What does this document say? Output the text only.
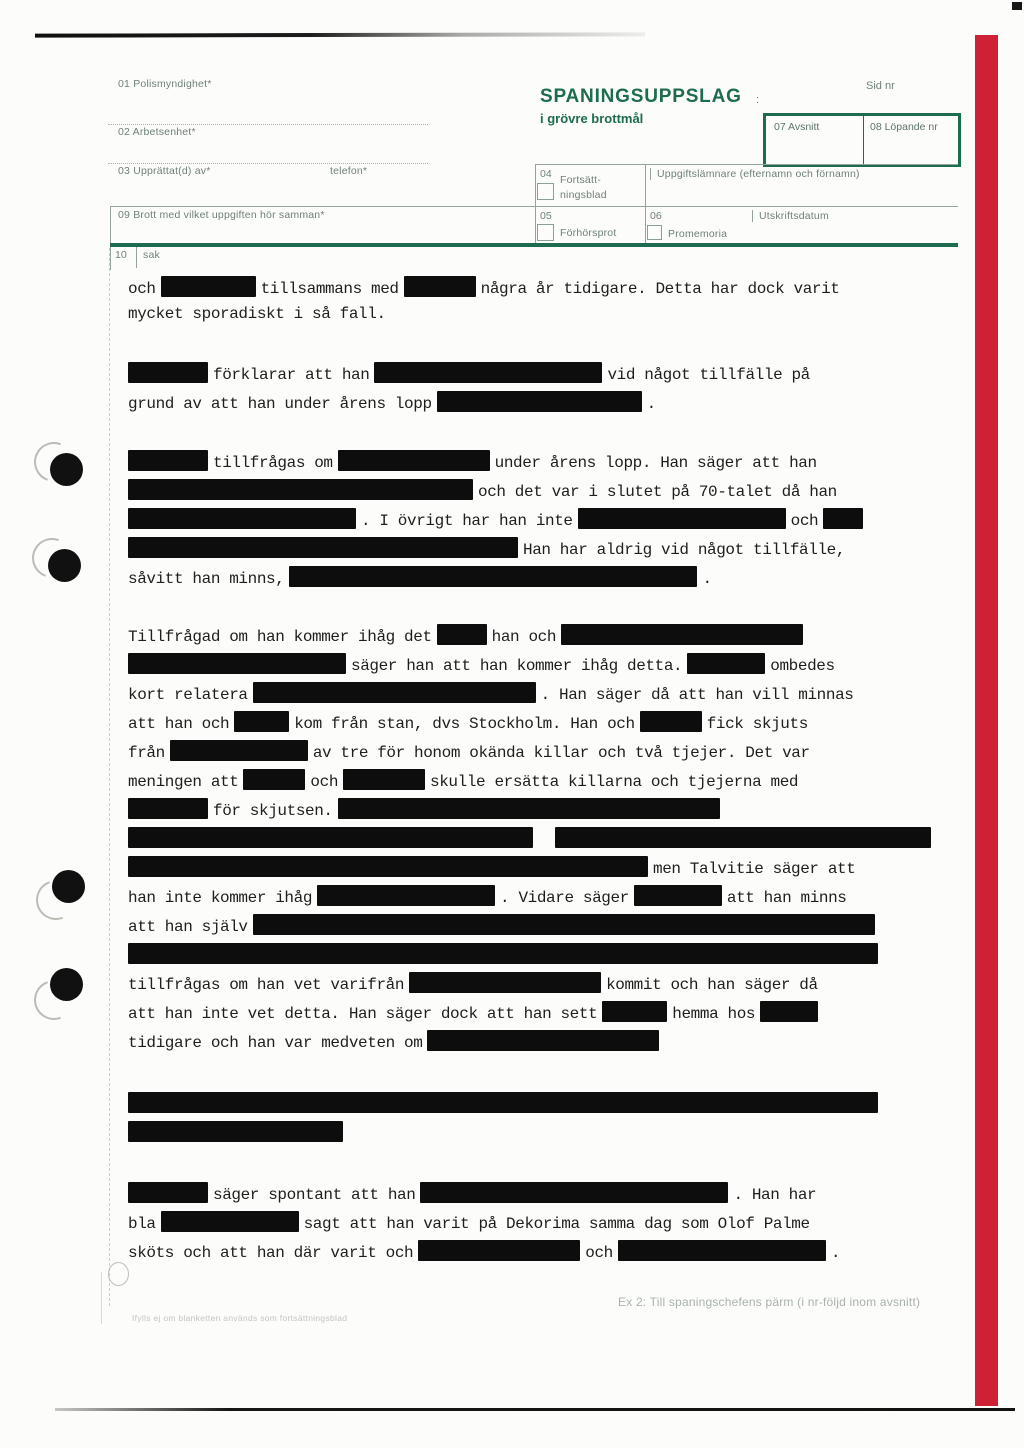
01 Polismyndighet*
02 Arbetsenhet*
03 Upprättat(d) av*	telefon*
SPANINGSUPPSLAG :
i grövre brottmål
Sid nr
07 Avsnitt	08 Löpande nr
04 Fortsätt-
ningsblad
Uppgiftslämnare (efternamn och förnamn)
05
Förhörsprot
06
Promemoria
Utskriftsdatum
09 Brott med vilket uppgiften hör samman*
10 sak
och	tillsammans med	några år tidigare. Detta har dock varit
mycket sporadiskt i så fall.
förklarar att han	vid något tillfälle på
grund av att han under årens lopp	.
tillfrågas om	under årens lopp. Han säger att han
och det var i slutet på 70-talet då han
. I övrigt har han inte	och
Han har aldrig vid något tillfälle,
såvitt han minns,	.
Tillfrågad om han kommer ihåg det	han och
säger han att han kommer ihåg detta.	ombedes
kort relatera	. Han säger då att han vill minnas
att han och	kom från stan, dvs Stockholm. Han och	fick skjuts
från	av tre för honom okända killar och två tjejer. Det var
meningen att	och	skulle ersätta killarna och tjejerna med
för skjutsen.
men Talvitie säger att
han inte kommer ihåg	. Vidare säger	att han minns
att han själv
tillfrågas om han vet varifrån	kommit och han säger då
att han inte vet detta. Han säger dock att han sett	hemma hos
tidigare och han var medveten om
säger spontant att han	. Han har
bla	sagt att han varit på Dekorima samma dag som Olof Palme
sköts och att han där varit och	och	.
Ifylls ej om blanketten används som fortsättningsblad
Ex 2: Till spaningschefens pärm (i nr-följd inom avsnitt)
